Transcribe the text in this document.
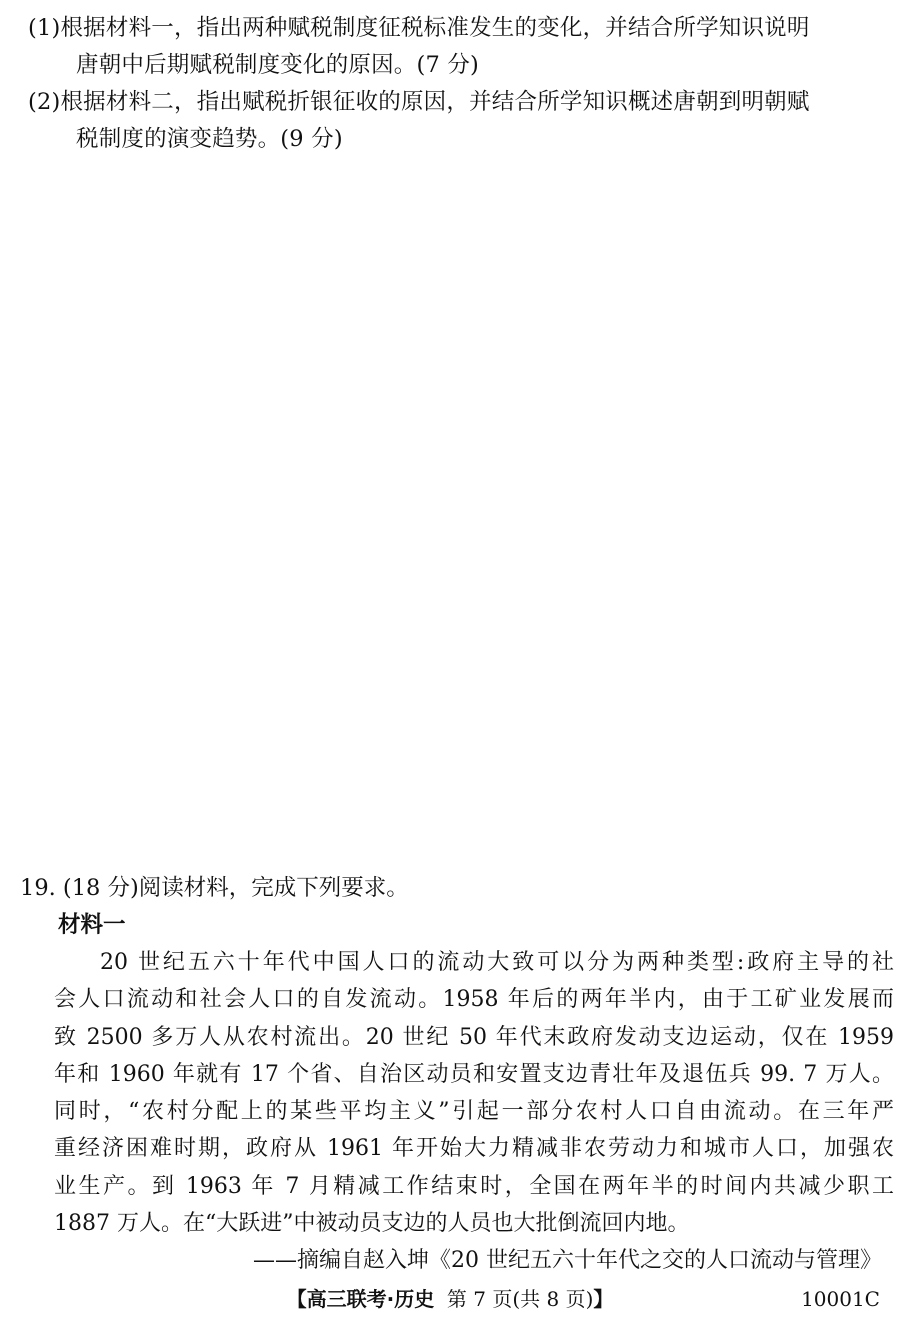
(1)根据材料一，指出两种赋税制度征税标准发生的变化，并结合所学知识说明
唐朝中后期赋税制度变化的原因。(7 分)
(2)根据材料二，指出赋税折银征收的原因，并结合所学知识概述唐朝到明朝赋
税制度的演变趋势。(9 分)
19. (18 分)阅读材料，完成下列要求。
材料一
20 世纪五六十年代中国人口的流动大致可以分为两种类型:政府主导的社
会人口流动和社会人口的自发流动。1958 年后的两年半内，由于工矿业发展而
致 2500 多万人从农村流出。20 世纪 50 年代末政府发动支边运动，仅在 1959
年和 1960 年就有 17 个省、自治区动员和安置支边青壮年及退伍兵 99. 7 万人。
同时，“农村分配上的某些平均主义”引起一部分农村人口自由流动。在三年严
重经济困难时期，政府从 1961 年开始大力精减非农劳动力和城市人口，加强农
业生产。到 1963 年 7 月精减工作结束时，全国在两年半的时间内共减少职工
1887 万人。在“大跃进”中被动员支边的人员也大批倒流回内地。
——摘编自赵入坤《20 世纪五六十年代之交的人口流动与管理》
【高三联考·历史 第 7 页(共 8 页)】	10001C
